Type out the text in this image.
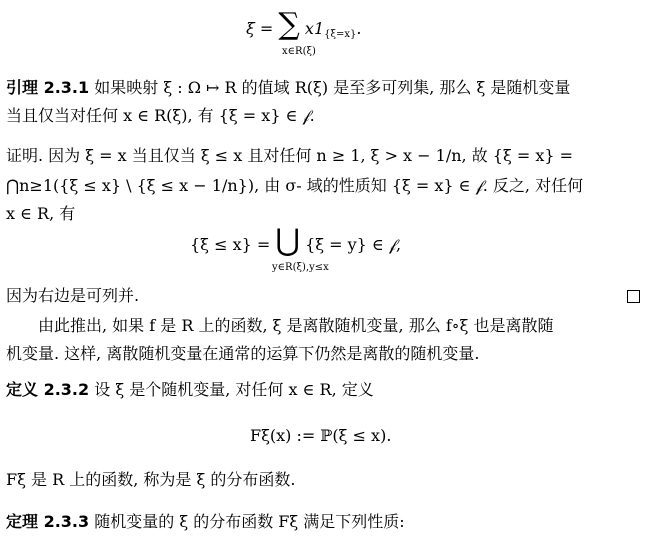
ξ = ∑ $x1_{\{\xi=x\}}$.
x∈R(ξ)
引理 2.3.1 如果映射 ξ : Ω ↦ R 的值域 R(ξ) 是至多可列集, 那么 ξ 是随机变量
当且仅当对任何 x ∈ R(ξ), 有 {ξ = x} ∈ 𝒻.
证明. 因为 ξ = x 当且仅当 ξ ≤ x 且对任何 n ≥ 1, ξ > x − 1/n, 故 {ξ = x} =
⋂n≥1({ξ ≤ x} \ {ξ ≤ x − 1/n}), 由 σ- 域的性质知 {ξ = x} ∈ 𝒻. 反之, 对任何
x ∈ R, 有
{ξ ≤ x} = ⋃ {ξ = y} ∈ 𝒻,
y∈R(ξ),y≤x
因为右边是可列并.
由此推出, 如果 f 是 R 上的函数, ξ 是离散随机变量, 那么 f∘ξ 也是离散随
机变量. 这样, 离散随机变量在通常的运算下仍然是离散的随机变量.
定义 2.3.2 设 ξ 是个随机变量, 对任何 x ∈ R, 定义
Fξ(x) := ℙ(ξ ≤ x).
Fξ 是 R 上的函数, 称为是 ξ 的分布函数.
定理 2.3.3 随机变量的 ξ 的分布函数 Fξ 满足下列性质:
